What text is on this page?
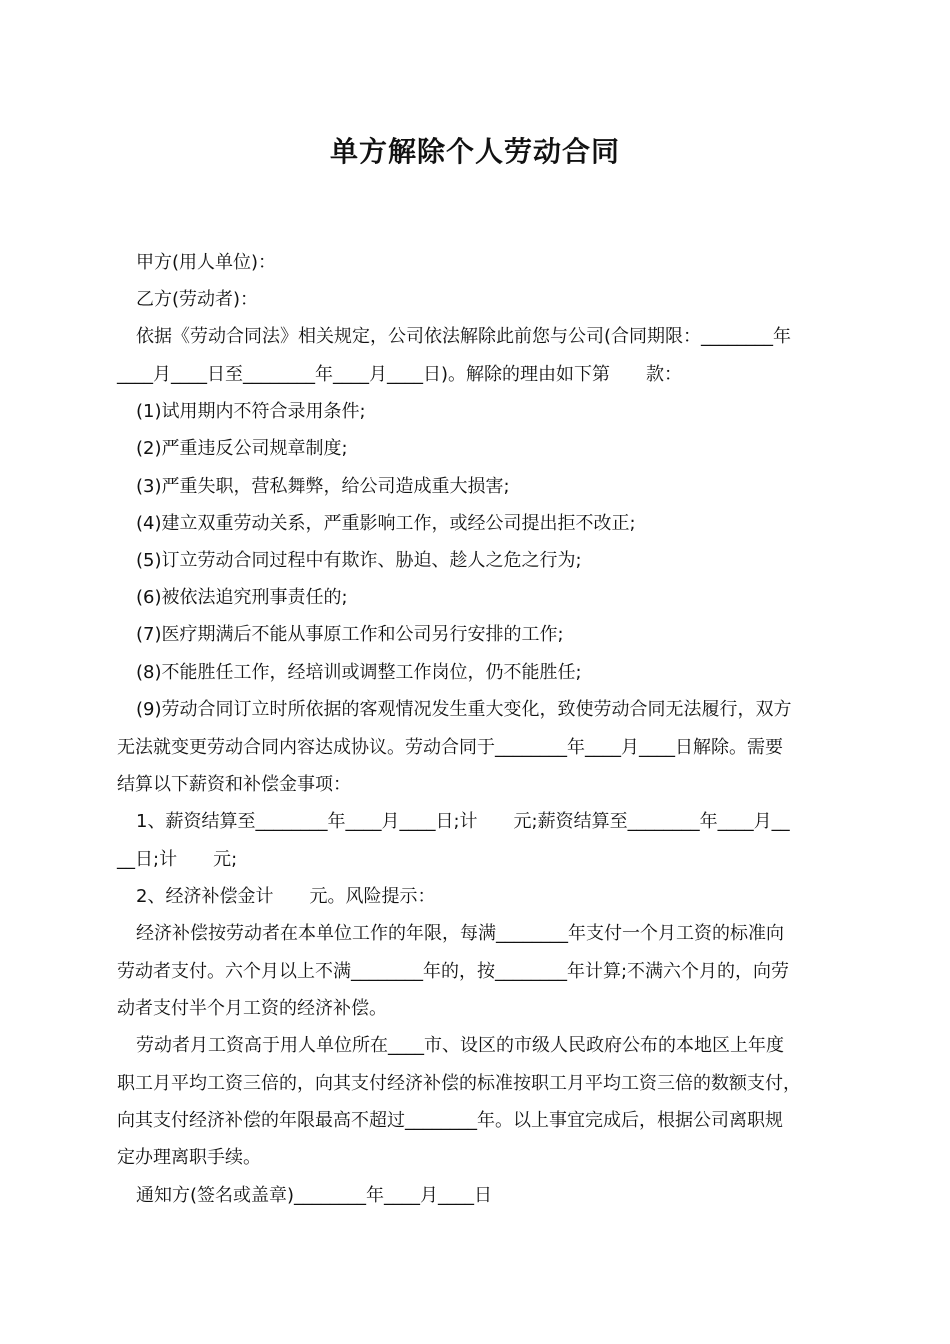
单方解除个人劳动合同

甲方(用人单位)：

乙方(劳动者)：

依据《劳动合同法》相关规定，公司依法解除此前您与公司(合同期限：________年

____月____日至________年____月____日)。解除的理由如下第　　款：

(1)试用期内不符合录用条件;

(2)严重违反公司规章制度;

(3)严重失职，营私舞弊，给公司造成重大损害;

(4)建立双重劳动关系，严重影响工作，或经公司提出拒不改正;

(5)订立劳动合同过程中有欺诈、胁迫、趁人之危之行为;

(6)被依法追究刑事责任的;

(7)医疗期满后不能从事原工作和公司另行安排的工作;

(8)不能胜任工作，经培训或调整工作岗位，仍不能胜任;

(9)劳动合同订立时所依据的客观情况发生重大变化，致使劳动合同无法履行，双方

无法就变更劳动合同内容达成协议。劳动合同于________年____月____日解除。需要

结算以下薪资和补偿金事项：

1、薪资结算至________年____月____日;计　　元;薪资结算至________年____月__

__日;计　　元;

2、经济补偿金计　　元。风险提示：

经济补偿按劳动者在本单位工作的年限，每满________年支付一个月工资的标准向

劳动者支付。六个月以上不满________年的，按________年计算;不满六个月的，向劳

动者支付半个月工资的经济补偿。

劳动者月工资高于用人单位所在____市、设区的市级人民政府公布的本地区上年度

职工月平均工资三倍的，向其支付经济补偿的标准按职工月平均工资三倍的数额支付，

向其支付经济补偿的年限最高不超过________年。以上事宜完成后，根据公司离职规

定办理离职手续。

通知方(签名或盖章)________年____月____日
